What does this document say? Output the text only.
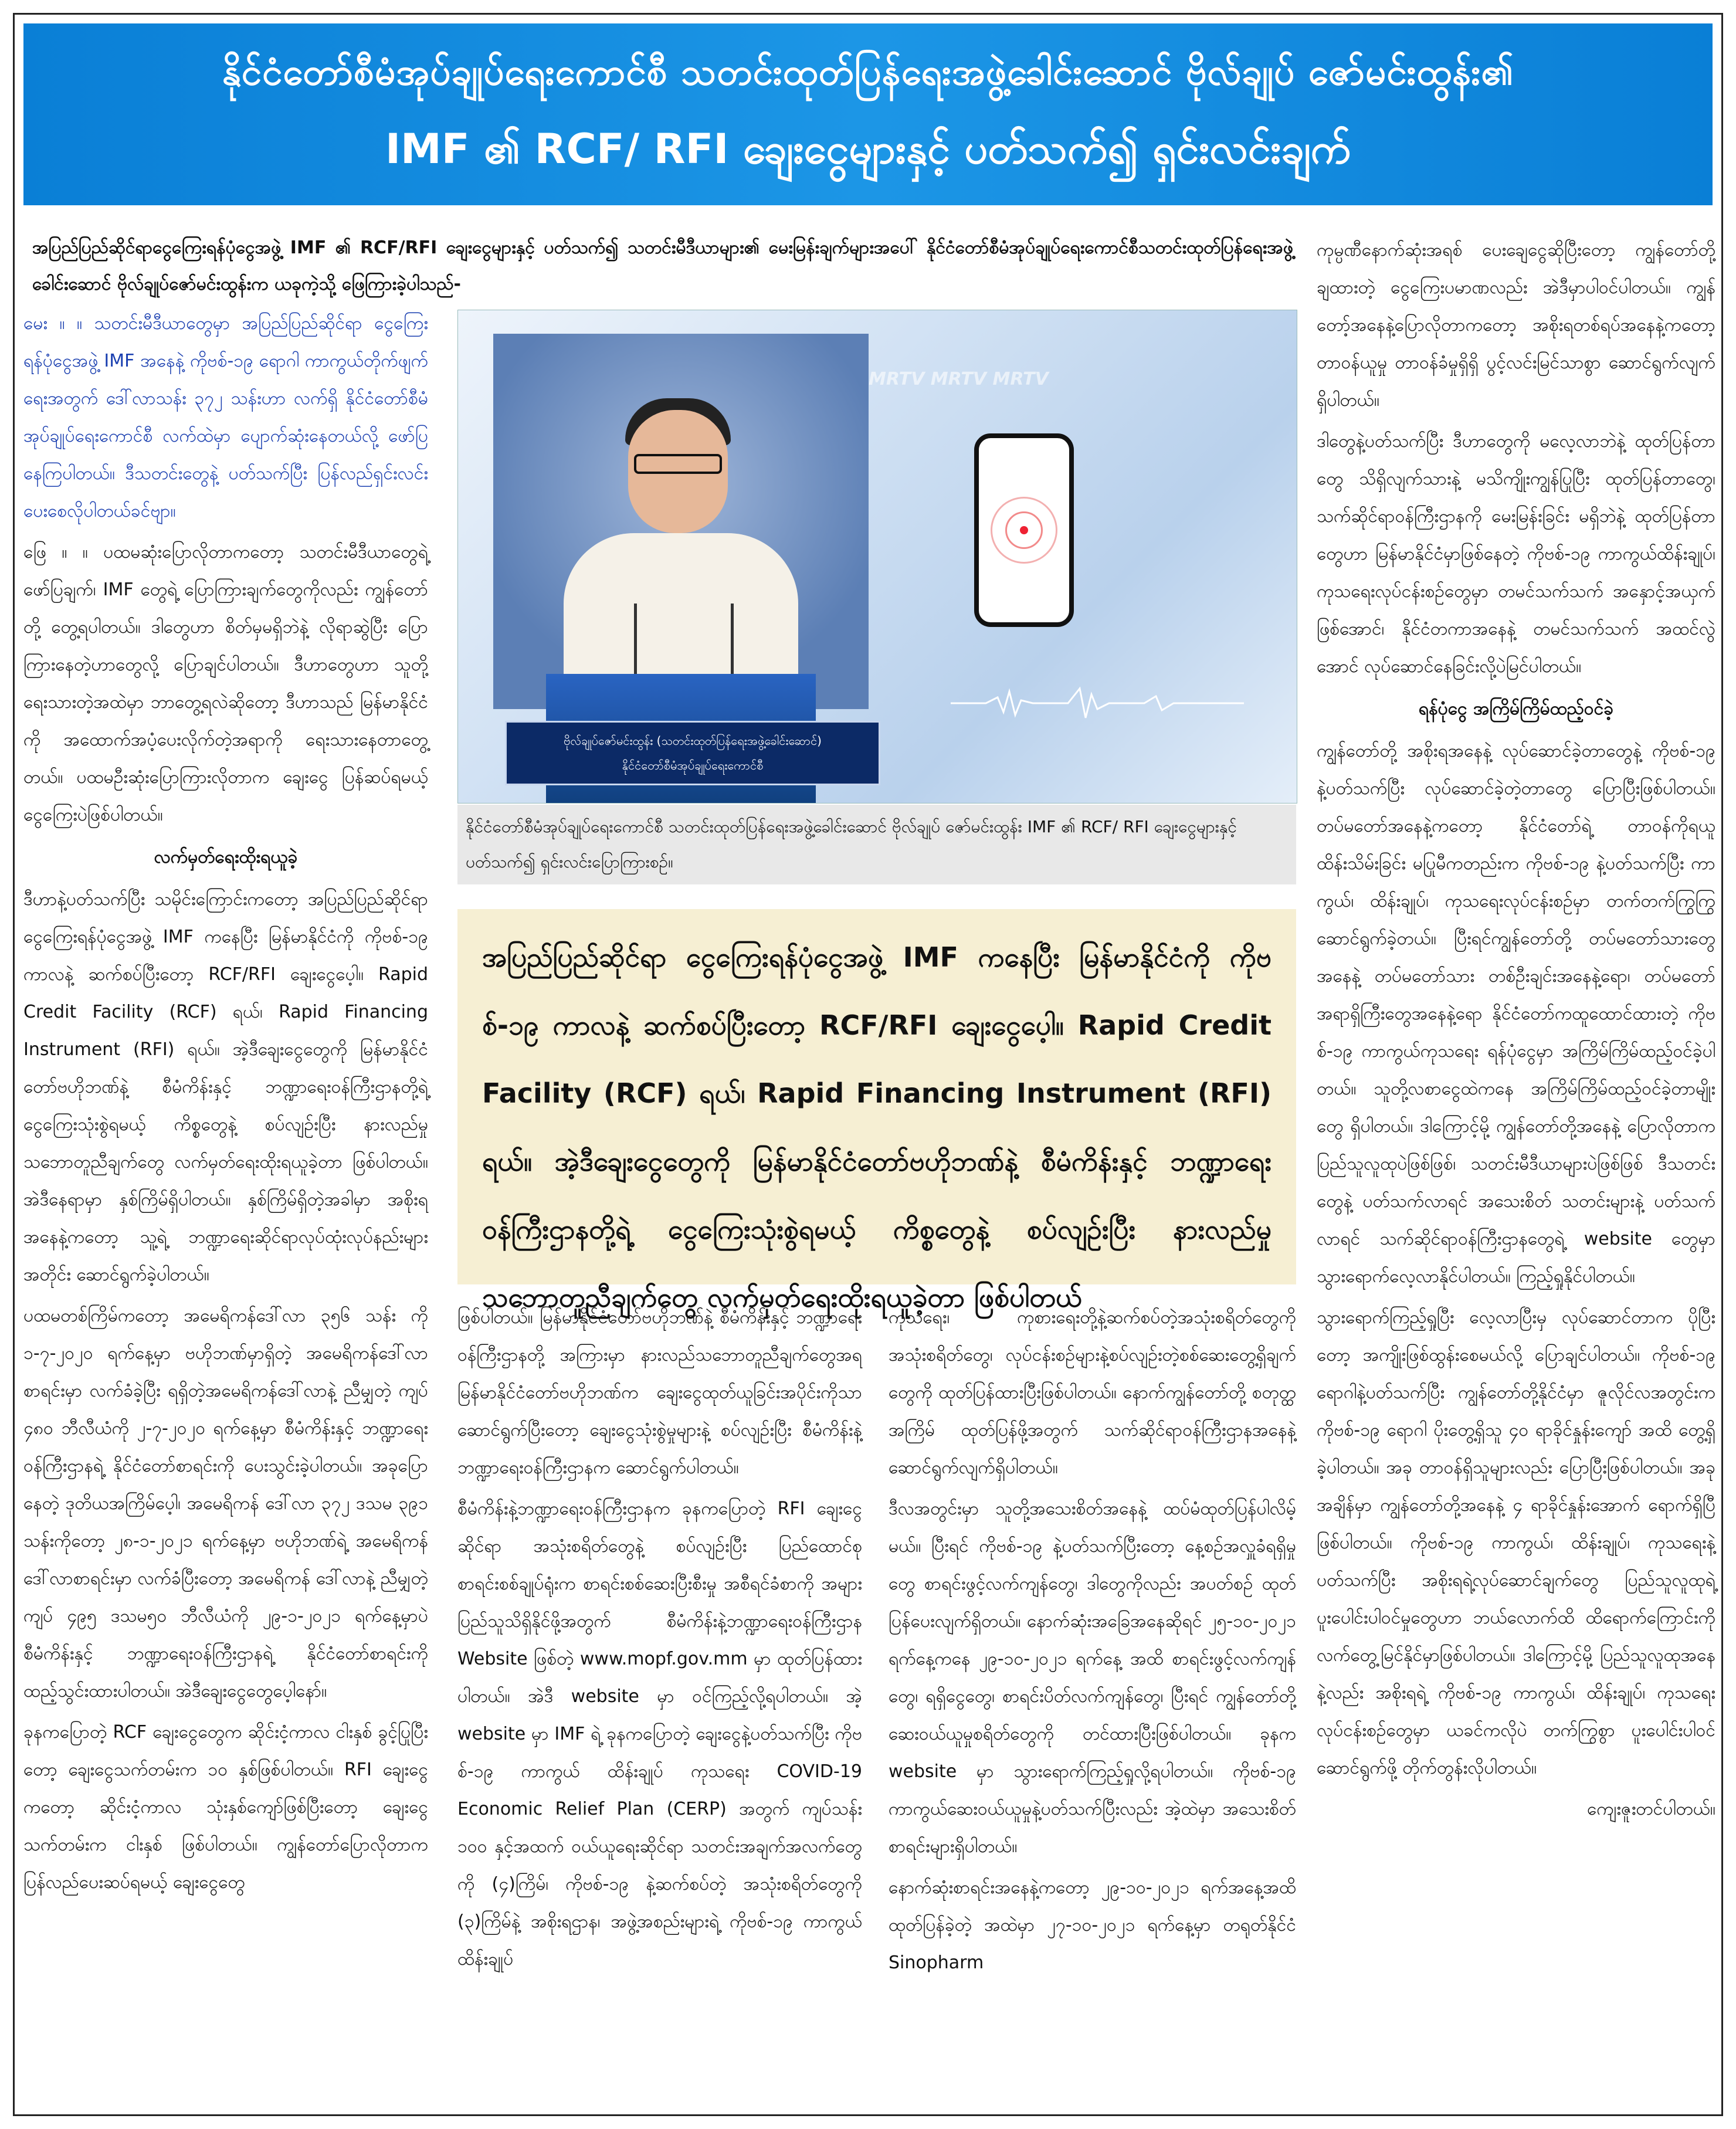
နိုင်ငံတော်စီမံအုပ်ချုပ်ရေးကောင်စီ သတင်းထုတ်ပြန်ရေးအဖွဲ့ခေါင်းဆောင် ဗိုလ်ချုပ် ဇော်မင်းထွန်း၏
IMF ၏ RCF/ RFI ချေးငွေများနှင့် ပတ်သက်၍ ရှင်းလင်းချက်
အပြည်ပြည်ဆိုင်ရာငွေကြေးရန်ပုံငွေအဖွဲ့ IMF ၏ RCF/RFI ချေးငွေများနှင့် ပတ်သက်၍ သတင်းမီဒီယာများ၏ မေးမြန်းချက်များအပေါ် နိုင်ငံတော်စီမံအုပ်ချုပ်ရေးကောင်စီသတင်းထုတ်ပြန်ရေးအဖွဲ့ခေါင်းဆောင် ဗိုလ်ချုပ်ဇော်မင်းထွန်းက ယခုကဲ့သို့ ဖြေကြားခဲ့ပါသည်-

မေး ။ ။ သတင်းမီဒီယာတွေမှာ အပြည်ပြည်ဆိုင်ရာ ငွေကြေးရန်ပုံငွေအဖွဲ့ IMF အနေနဲ့ ကိုဗစ်-၁၉ ရောဂါ ကာကွယ်တိုက်ဖျက်ရေးအတွက် ဒေါ်လာသန်း ၃၇၂ သန်းဟာ လက်ရှိ နိုင်ငံတော်စီမံအုပ်ချုပ်ရေးကောင်စီ လက်ထဲမှာ ပျောက်ဆုံးနေတယ်လို့ ဖော်ပြနေကြပါတယ်။ ဒီသတင်းတွေနဲ့ ပတ်သက်ပြီး ပြန်လည်ရှင်းလင်းပေးစေလိုပါတယ်ခင်ဗျာ။

ဖြေ ။ ။ ပထမဆုံးပြောလိုတာကတော့ သတင်းမီဒီယာတွေရဲ့ဖော်ပြချက်၊ IMF တွေရဲ့ ပြောကြားချက်တွေကိုလည်း ကျွန်တော်တို့ တွေ့ရပါတယ်။ ဒါတွေဟာ စိတ်မှမရှိဘဲနဲ့ လိုရာဆွဲပြီး ပြောကြားနေတဲ့ဟာတွေလို့ ပြောချင်ပါတယ်။ ဒီဟာတွေဟာ သူတို့ရေးသားတဲ့အထဲမှာ ဘာတွေ့ရလဲဆိုတော့ ဒီဟာသည် မြန်မာနိုင်ငံကို အထောက်အပံ့ပေးလိုက်တဲ့အရာကို ရေးသားနေတာတွေ့တယ်။ ပထမဦးဆုံးပြောကြားလိုတာက ချေးငွေ ပြန်ဆပ်ရမယ့် ငွေကြေးပဲဖြစ်ပါတယ်။

လက်မှတ်ရေးထိုးရယူခဲ့

ဒီဟာနဲ့ပတ်သက်ပြီး သမိုင်းကြောင်းကတော့ အပြည်ပြည်ဆိုင်ရာ ငွေကြေးရန်ပုံငွေအဖွဲ့ IMF ကနေပြီး မြန်မာနိုင်ငံကို ကိုဗစ်-၁၉ ကာလနဲ့ ဆက်စပ်ပြီးတော့ RCF/RFI ချေးငွေပေ့ါ။ Rapid Credit Facility (RCF) ရယ်၊ Rapid Financing Instrument (RFI) ရယ်။ အဲ့ဒီချေးငွေတွေကို မြန်မာနိုင်ငံတော်ဗဟိုဘဏ်နဲ့ စီမံကိန်းနှင့် ဘဏ္ဍာရေးဝန်ကြီးဌာနတို့ရဲ့ ငွေကြေးသုံးစွဲရမယ့် ကိစ္စတွေနဲ့ စပ်လျဉ်းပြီး နားလည်မှု သဘောတူညီချက်တွေ လက်မှတ်ရေးထိုးရယူခဲ့တာ ဖြစ်ပါတယ်။ အဲဒီနေရာမှာ နှစ်ကြိမ်ရှိပါတယ်။ နှစ်ကြိမ်ရှိတဲ့အခါမှာ အစိုးရအနေနဲ့ကတော့ သူ့ရဲ့ ဘဏ္ဍာရေးဆိုင်ရာလုပ်ထုံးလုပ်နည်းများအတိုင်း ဆောင်ရွက်ခဲ့ပါတယ်။

ပထမတစ်ကြိမ်ကတော့ အမေရိကန်ဒေါ်လာ ၃၅၆ သန်း ကို ၁-၇-၂၀၂၀ ရက်နေ့မှာ ဗဟိုဘဏ်မှာရှိတဲ့ အမေရိကန်ဒေါ်လာစာရင်းမှာ လက်ခံခဲ့ပြီး ရရှိတဲ့အမေရိကန်ဒေါ်လာနဲ့ ညီမျှတဲ့ ကျပ် ၄၈၀ ဘီလီယံကို ၂-၇-၂၀၂၀ ရက်နေ့မှာ စီမံကိန်းနှင့် ဘဏ္ဍာရေးဝန်ကြီးဌာနရဲ့ နိုင်ငံတော်စာရင်းကို ပေးသွင်းခဲ့ပါတယ်။ အခုပြောနေတဲ့ ဒုတိယအကြိမ်ပေ့ါ၊ အမေရိကန် ဒေါ်လာ ၃၇၂ ဒသမ ၃၉၁ သန်းကိုတော့ ၂၈-၁-၂၀၂၁ ရက်နေ့မှာ ဗဟိုဘဏ်ရဲ့ အမေရိကန် ဒေါ်လာစာရင်းမှာ လက်ခံပြီးတော့ အမေရိကန် ဒေါ်လာနဲ့ ညီမျှတဲ့ ကျပ် ၄၉၅ ဒသမ၅၀ ဘီလီယံကို ၂၉-၁-၂၀၂၁ ရက်နေ့မှာပဲ စီမံကိန်းနှင့် ဘဏ္ဍာရေးဝန်ကြီးဌာနရဲ့ နိုင်ငံတော်စာရင်းကို ထည့်သွင်းထားပါတယ်။ အဲဒီချေးငွေတွေပေ့ါနော်။

ခုနကပြောတဲ့ RCF ချေးငွေတွေက ဆိုင်းငံ့ကာလ ငါးနှစ် ခွင့်ပြုပြီးတော့ ချေးငွေသက်တမ်းက ၁၀ နှစ်ဖြစ်ပါတယ်။ RFI ချေးငွေကတော့ ဆိုင်းငံ့ကာလ သုံးနှစ်ကျော်ဖြစ်ပြီးတော့ ချေးငွေသက်တမ်းက ငါးနှစ် ဖြစ်ပါတယ်။ ကျွန်တော်ပြောလိုတာက ပြန်လည်ပေးဆပ်ရမယ့် ချေးငွေတွေ

MRTV MRTV MRTV
ဗိုလ်ချုပ်ဇော်မင်းထွန်း (သတင်းထုတ်ပြန်ရေးအဖွဲ့ခေါင်းဆောင်)
နိုင်ငံတော်စီမံအုပ်ချုပ်ရေးကောင်စီ
နိုင်ငံတော်စီမံအုပ်ချုပ်ရေးကောင်စီ သတင်းထုတ်ပြန်ရေးအဖွဲ့ခေါင်းဆောင် ဗိုလ်ချုပ် ဇော်မင်းထွန်း IMF ၏ RCF/ RFI ချေးငွေများနှင့် ပတ်သက်၍ ရှင်းလင်းပြောကြားစဉ်။
အပြည်ပြည်ဆိုင်ရာ ငွေကြေးရန်ပုံငွေအဖွဲ့ IMF ကနေပြီး မြန်မာနိုင်ငံကို ကိုဗစ်-၁၉ ကာလနဲ့ ဆက်စပ်ပြီးတော့ RCF/RFI ချေးငွေပေ့ါ။ Rapid Credit Facility (RCF) ရယ်၊ Rapid Financing Instrument (RFI) ရယ်။ အဲ့ဒီချေးငွေတွေကို မြန်မာနိုင်ငံတော်ဗဟိုဘဏ်နဲ့ စီမံကိန်းနှင့် ဘဏ္ဍာရေးဝန်ကြီးဌာနတို့ရဲ့ ငွေကြေးသုံးစွဲရမယ့် ကိစ္စတွေနဲ့ စပ်လျဉ်းပြီး နားလည်မှု သဘောတူညီချက်တွေ လက်မှတ်ရေးထိုးရယူခဲ့တာ ဖြစ်ပါတယ်

ဖြစ်ပါတယ်။ မြန်မာနိုင်ငံတော်ဗဟိုဘဏ်နဲ့ စီမံကိန်းနှင့် ဘဏ္ဍာရေးဝန်ကြီးဌာနတို့ အကြားမှာ နားလည်သဘောတူညီချက်တွေအရ မြန်မာနိုင်ငံတော်ဗဟိုဘဏ်က ချေးငွေထုတ်ယူခြင်းအပိုင်းကိုသာ ဆောင်ရွက်ပြီးတော့ ချေးငွေသုံးစွဲမှုများနဲ့ စပ်လျဉ်းပြီး စီမံကိန်းနဲ့ ဘဏ္ဍာရေးဝန်ကြီးဌာနက ဆောင်ရွက်ပါတယ်။

စီမံကိန်းနဲ့ဘဏ္ဍာရေးဝန်ကြီးဌာနက ခုနကပြောတဲ့ RFI ချေးငွေဆိုင်ရာ အသုံးစရိတ်တွေနဲ့ စပ်လျဉ်းပြီး ပြည်ထောင်စုစာရင်းစစ်ချုပ်ရုံးက စာရင်းစစ်ဆေးပြီးစီးမှု အစီရင်ခံစာကို အများပြည်သူသိရှိနိုင်ဖို့အတွက် စီမံကိန်းနဲ့ဘဏ္ဍာရေးဝန်ကြီးဌာန Website ဖြစ်တဲ့ www.mopf.gov.mm မှာ ထုတ်ပြန်ထားပါတယ်။ အဲဒီ website မှာ ဝင်ကြည့်လို့ရပါတယ်။ အဲ့ website မှာ IMF ရဲ့ ခုနကပြောတဲ့ ချေးငွေနဲ့ပတ်သက်ပြီး ကိုဗစ်-၁၉ ကာကွယ် ထိန်းချုပ် ကုသရေး COVID-19 Economic Relief Plan (CERP) အတွက် ကျပ်သန်း ၁၀၀ နှင့်အထက် ဝယ်ယူရေးဆိုင်ရာ သတင်းအချက်အလက်တွေကို (၄)ကြိမ်၊ ကိုဗစ်-၁၉ နဲ့ဆက်စပ်တဲ့ အသုံးစရိတ်တွေကို (၃)ကြိမ်နဲ့ အစိုးရဌာန၊ အဖွဲ့အစည်းများရဲ့ ကိုဗစ်-၁၉ ကာကွယ် ထိန်းချုပ်

ကုသရေး၊ ကုစားရေးတို့နဲ့ဆက်စပ်တဲ့အသုံးစရိတ်တွေကို အသုံးစရိတ်တွေ၊ လုပ်ငန်းစဉ်များနဲ့စပ်လျဉ်းတဲ့စစ်ဆေးတွေ့ရှိချက်တွေကို ထုတ်ပြန်ထားပြီးဖြစ်ပါတယ်။ နောက်ကျွန်တော်တို့ စတုတ္ထအကြိမ် ထုတ်ပြန်ဖို့အတွက် သက်ဆိုင်ရာဝန်ကြီးဌာနအနေနဲ့ ဆောင်ရွက်လျက်ရှိပါတယ်။

ဒီလအတွင်းမှာ သူတို့အသေးစိတ်အနေနဲ့ ထပ်မံထုတ်ပြန်ပါလိမ့်မယ်။ ပြီးရင် ကိုဗစ်-၁၉ နဲ့ပတ်သက်ပြီးတော့ နေ့စဉ်အလှူခံရရှိမှုတွေ စာရင်းဖွင့်လက်ကျန်တွေ၊ ဒါတွေကိုလည်း အပတ်စဉ် ထုတ်ပြန်ပေးလျက်ရှိတယ်။ နောက်ဆုံးအခြေအနေဆိုရင် ၂၅-၁၀-၂၀၂၁ ရက်နေ့ကနေ ၂၉-၁၀-၂၀၂၁ ရက်နေ့ အထိ စာရင်းဖွင့်လက်ကျန်တွေ၊ ရရှိငွေတွေ၊ စာရင်းပိတ်လက်ကျန်တွေ၊ ပြီးရင် ကျွန်တော်တို့ ဆေးဝယ်ယူမှုစရိတ်တွေကို တင်ထားပြီးဖြစ်ပါတယ်။ ခုနက website မှာ သွားရောက်ကြည့်ရှုလို့ရပါတယ်။ ကိုဗစ်-၁၉ ကာကွယ်ဆေးဝယ်ယူမှုနဲ့ပတ်သက်ပြီးလည်း အဲ့ထဲမှာ အသေးစိတ်စာရင်းများရှိပါတယ်။

နောက်ဆုံးစာရင်းအနေနဲ့ကတော့ ၂၉-၁၀-၂၀၂၁ ရက်အနေ့အထိ ထုတ်ပြန်ခဲ့တဲ့ အထဲမှာ ၂၇-၁၀-၂၀၂၁ ရက်နေ့မှာ တရုတ်နိုင်ငံ Sinopharm

ကုမ္ပဏီနောက်ဆုံးအရစ် ပေးချေငွေဆိုပြီးတော့ ကျွန်တော်တို့ ချထားတဲ့ ငွေကြေးပမာဏလည်း အဲဒီမှာပါဝင်ပါတယ်။ ကျွန်တော့်အနေနဲ့ပြောလိုတာကတော့ အစိုးရတစ်ရပ်အနေနဲ့ကတော့ တာဝန်ယူမှု တာဝန်ခံမှုရှိရှိ ပွင့်လင်းမြင်သာစွာ ဆောင်ရွက်လျက်ရှိပါတယ်။

ဒါတွေနဲ့ပတ်သက်ပြီး ဒီဟာတွေကို မလေ့လာဘဲနဲ့ ထုတ်ပြန်တာတွေ သိရှိလျက်သားနဲ့ မသိကျိုးကျွန်ပြုပြီး ထုတ်ပြန်တာတွေ၊ သက်ဆိုင်ရာဝန်ကြီးဌာနကို မေးမြန်းခြင်း မရှိဘဲနဲ့ ထုတ်ပြန်တာတွေဟာ မြန်မာနိုင်ငံမှာဖြစ်နေတဲ့ ကိုဗစ်-၁၉ ကာကွယ်ထိန်းချုပ်၊ ကုသရေးလုပ်ငန်းစဉ်တွေမှာ တမင်သက်သက် အနှောင့်အယှက်ဖြစ်အောင်၊ နိုင်ငံတကာအနေနဲ့ တမင်သက်သက် အထင်လွဲအောင် လုပ်ဆောင်နေခြင်းလို့ပဲမြင်ပါတယ်။

ရန်ပုံငွေ အကြိမ်ကြိမ်ထည့်ဝင်ခဲ့

ကျွန်တော်တို့ အစိုးရအနေနဲ့ လုပ်ဆောင်ခဲ့တာတွေနဲ့ ကိုဗစ်-၁၉ နဲ့ပတ်သက်ပြီး လုပ်ဆောင်ခဲ့တဲ့တာတွေ ပြောပြီးဖြစ်ပါတယ်။ တပ်မတော်အနေနဲ့ကတော့ နိုင်ငံတော်ရဲ့ တာဝန်ကိုရယူ ထိန်းသိမ်းခြင်း မပြုမီကတည်းက ကိုဗစ်-၁၉ နဲ့ပတ်သက်ပြီး ကာကွယ်၊ ထိန်းချုပ်၊ ကုသရေးလုပ်ငန်းစဉ်မှာ တက်တက်ကြွကြွ ဆောင်ရွက်ခဲ့တယ်။ ပြီးရင်ကျွန်တော်တို့ တပ်မတော်သားတွေအနေနဲ့ တပ်မတော်သား တစ်ဦးချင်းအနေနဲ့ရော၊ တပ်မတော်အရာရှိကြီးတွေအနေနဲ့ရော နိုင်ငံတော်ကထူထောင်ထားတဲ့ ကိုဗစ်-၁၉ ကာကွယ်ကုသရေး ရန်ပုံငွေမှာ အကြိမ်ကြိမ်ထည့်ဝင်ခဲ့ပါတယ်။ သူတို့လစာငွေထဲကနေ အကြိမ်ကြိမ်ထည့်ဝင်ခဲ့တာမျိုးတွေ ရှိပါတယ်။ ဒါကြောင့်မို့ ကျွန်တော်တို့အနေနဲ့ ပြောလိုတာက ပြည်သူလူထုပဲဖြစ်ဖြစ်၊ သတင်းမီဒီယာများပဲဖြစ်ဖြစ် ဒီသတင်းတွေနဲ့ ပတ်သက်လာရင် အသေးစိတ် သတင်းများနဲ့ ပတ်သက်လာရင် သက်ဆိုင်ရာဝန်ကြီးဌာနတွေရဲ့ website တွေမှာ သွားရောက်လေ့လာနိုင်ပါတယ်။ ကြည့်ရှုနိုင်ပါတယ်။

သွားရောက်ကြည့်ရှုပြီး လေ့လာပြီးမှ လုပ်ဆောင်တာက ပိုပြီးတော့ အကျိုးဖြစ်ထွန်းစေမယ်လို့ ပြောချင်ပါတယ်။ ကိုဗစ်-၁၉ ရောဂါနဲ့ပတ်သက်ပြီး ကျွန်တော်တို့နိုင်ငံမှာ ဇူလိုင်လအတွင်းက ကိုဗစ်-၁၉ ရောဂါ ပိုးတွေ့ရှိသူ ၄၀ ရာခိုင်နှုန်းကျော် အထိ တွေ့ရှိခဲ့ပါတယ်။ အခု တာဝန်ရှိသူများလည်း ပြောပြီးဖြစ်ပါတယ်။ အခုအချိန်မှာ ကျွန်တော်တို့အနေနဲ့ ၄ ရာခိုင်နှုန်းအောက် ရောက်ရှိပြီဖြစ်ပါတယ်။ ကိုဗစ်-၁၉ ကာကွယ်၊ ထိန်းချုပ်၊ ကုသရေးနဲ့ ပတ်သက်ပြီး အစိုးရရဲ့လုပ်ဆောင်ချက်တွေ ပြည်သူလူထုရဲ့ ပူးပေါင်းပါဝင်မှုတွေဟာ ဘယ်လောက်ထိ ထိရောက်ကြောင်းကို လက်တွေ့မြင်နိုင်မှာဖြစ်ပါတယ်။ ဒါကြောင့်မို့ ပြည်သူလူထုအနေနဲ့လည်း အစိုးရရဲ့ ကိုဗစ်-၁၉ ကာကွယ်၊ ထိန်းချုပ်၊ ကုသရေးလုပ်ငန်းစဉ်တွေမှာ ယခင်ကလိုပဲ တက်ကြွစွာ ပူးပေါင်းပါဝင်ဆောင်ရွက်ဖို့ တိုက်တွန်းလိုပါတယ်။

ကျေးဇူးတင်ပါတယ်။
